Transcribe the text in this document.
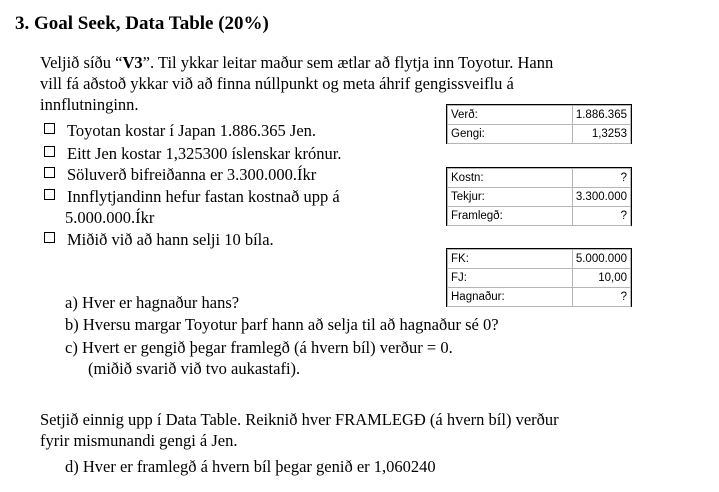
3. Goal Seek, Data Table (20%)
Veljið síðu “V3”. Til ykkar leitar maður sem ætlar að flytja inn Toyotur. Hann
vill fá aðstoð ykkar við að finna núllpunkt og meta áhrif gengissveiflu á
innflutninginn.
Toyotan kostar í Japan 1.886.365 Jen.
Eitt Jen kostar 1,325300 íslenskar krónur.
Söluverð bifreiðanna er 3.300.000.Íkr
Innflytjandinn hefur fastan kostnað upp á
5.000.000.Íkr
Miðið við að hann selji 10 bíla.
Verð:	1.886.365
Gengi:	1,3253
Kostn:	?
Tekjur:	3.300.000
Framlegð:	?
FK:	5.000.000
FJ:	10,00
Hagnaður:	?
a) Hver er hagnaður hans?
b) Hversu margar Toyotur þarf hann að selja til að hagnaður sé 0?
c) Hvert er gengið þegar framlegð (á hvern bíl) verður = 0.
(miðið svarið við tvo aukastafi).
Setjið einnig upp í Data Table. Reiknið hver FRAMLEGÐ (á hvern bíl) verður
fyrir mismunandi gengi á Jen.
d) Hver er framlegð á hvern bíl þegar genið er 1,060240
